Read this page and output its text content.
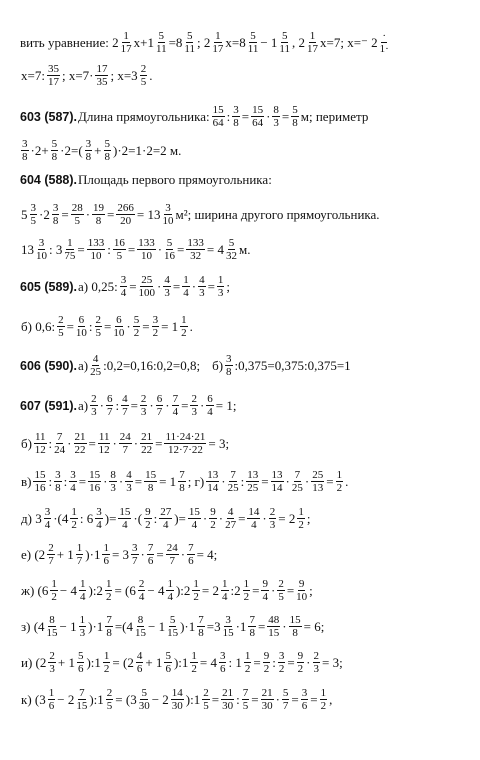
вить уравнение: $2 \frac{1}{17} x+1 \frac{5}{11} =8 \frac{5}{11}$ ; $2 \frac{1}{17} x=8 \frac{5}{11} - 1 \frac{5}{11}$ , $2 \frac{1}{17} x=7$; x=⁻ $2 \frac{\cdot}{1\cdot}$
x=7: $\frac{35}{17}$ ; $x=7\cdot \frac{17}{35}$ ; $x=3 \frac{2}{5}$ .
603 (587). Длина прямоугольника: $\frac{15}{64}$ : $\frac{3}{8} = \frac{15}{64} \cdot \frac{8}{3} = \frac{5}{8} м$; периметр
$\frac{3}{8} \cdot 2+ \frac{5}{8} \cdot 2=( \frac{3}{8} + \frac{5}{8} )\cdot 2=1\cdot 2=2$ м.
604 (588). Площадь первого прямоугольника:
$5 \frac{3}{5} \cdot 2 \frac{3}{8} = \frac{28}{5} \cdot \frac{19}{8} = \frac{266}{20} = 13 \frac{3}{10} м^2$; ширина другого прямоугольника.
$13 \frac{3}{10}$ : $3 \frac{1}{75} = \frac{133}{10}$ : $\frac{16}{5} = \frac{133}{10} \cdot \frac{5}{16} = \frac{133}{32} = 4 \frac{5}{32} м$.
605 (589). а) 0,25: $\frac{3}{4} = \frac{25}{100} \cdot \frac{4}{3} = \frac{1}{4} \cdot \frac{4}{3} = \frac{1}{3}$ ;
б) 0,6: $\frac{2}{5} = \frac{6}{10}$ : $\frac{2}{5} = \frac{6}{10} \cdot \frac{5}{2} = \frac{3}{2} = 1 \frac{1}{2}$ .
606 (590). $а) \frac{4}{25}$ :0,2=0,16:0,2=0,8; $б) \frac{3}{8}$ :0,375=0,375:0,375=1
607 (591). $а) \frac{2}{3} \cdot \frac{6}{7}$ : $\frac{4}{7} = \frac{2}{3} \cdot \frac{6}{7} \cdot \frac{7}{4} = \frac{2}{3} \cdot \frac{6}{4} = 1$;
$б) \frac{11}{12}$ : $\frac{7}{24} \cdot \frac{21}{22} = \frac{11}{12} \cdot \frac{24}{7} \cdot \frac{21}{22} = \frac{11\cdot 24\cdot 21}{12\cdot 7\cdot 22} = 3$;
$в) \frac{15}{16}$ : $\frac{3}{8}$ : $\frac{3}{4} = \frac{15}{16} \cdot \frac{8}{3} \cdot \frac{4}{3} = \frac{15}{8} = 1 \frac{7}{8}$ ; $г) \frac{13}{14} \cdot \frac{7}{25}$ : $\frac{13}{25} = \frac{13}{14} \cdot \frac{7}{25} \cdot \frac{25}{13} = \frac{1}{2}$ .
д) $3 \frac{3}{4} \cdot(4 \frac{1}{2}$ : $6 \frac{3}{4}$ )= $\frac{15}{4}$ ·( $\frac{9}{2}$ : $\frac{27}{4}$ )= $\frac{15}{4} \cdot \frac{9}{2} \cdot \frac{4}{27} = \frac{14}{4} \cdot \frac{2}{3} = 2 \frac{1}{2}$ ;
е) $(2 \frac{2}{7} + 1 \frac{1}{7} )\cdot 1 \frac{1}{6} = 3 \frac{3}{7} \cdot \frac{7}{6} = \frac{24}{7} \cdot \frac{7}{6} = 4$;
ж) ($6 \frac{1}{2} - 4 \frac{1}{4}$ ):2 $\frac{1}{2} = (6 \frac{2}{4} - 4 \frac{1}{4}$ ):2 $\frac{1}{2} = 2 \frac{1}{4}$ :2 $\frac{1}{2} = \frac{9}{4} \cdot \frac{2}{5} = \frac{9}{10}$ ;
з) $(4 \frac{8}{15} - 1 \frac{1}{3} )\cdot 1 \frac{7}{8} =(4 \frac{8}{15} - 1 \frac{5}{15} )\cdot 1 \frac{7}{8} =3 \frac{3}{15} \cdot 1 \frac{7}{8} = \frac{48}{15} \cdot \frac{15}{8} = 6$;
и) ($2 \frac{2}{3} + 1 \frac{5}{6}$ ):1 $\frac{1}{2} = (2 \frac{4}{6} + 1 \frac{5}{6}$ ):1 $\frac{1}{2} = 4 \frac{3}{6}$ : $1 \frac{1}{2} = \frac{9}{2}$ : $\frac{3}{2} = \frac{9}{2} \cdot \frac{2}{3} = 3$;
к) ($3 \frac{1}{6} - 2 \frac{7}{15}$ ):1 $\frac{2}{5} = (3 \frac{5}{30} - 2 \frac{14}{30}$ ):1 $\frac{2}{5} = \frac{21}{30}$ : $\frac{7}{5} = \frac{21}{30} \cdot \frac{5}{7} = \frac{3}{6} = \frac{1}{2}$ ,
